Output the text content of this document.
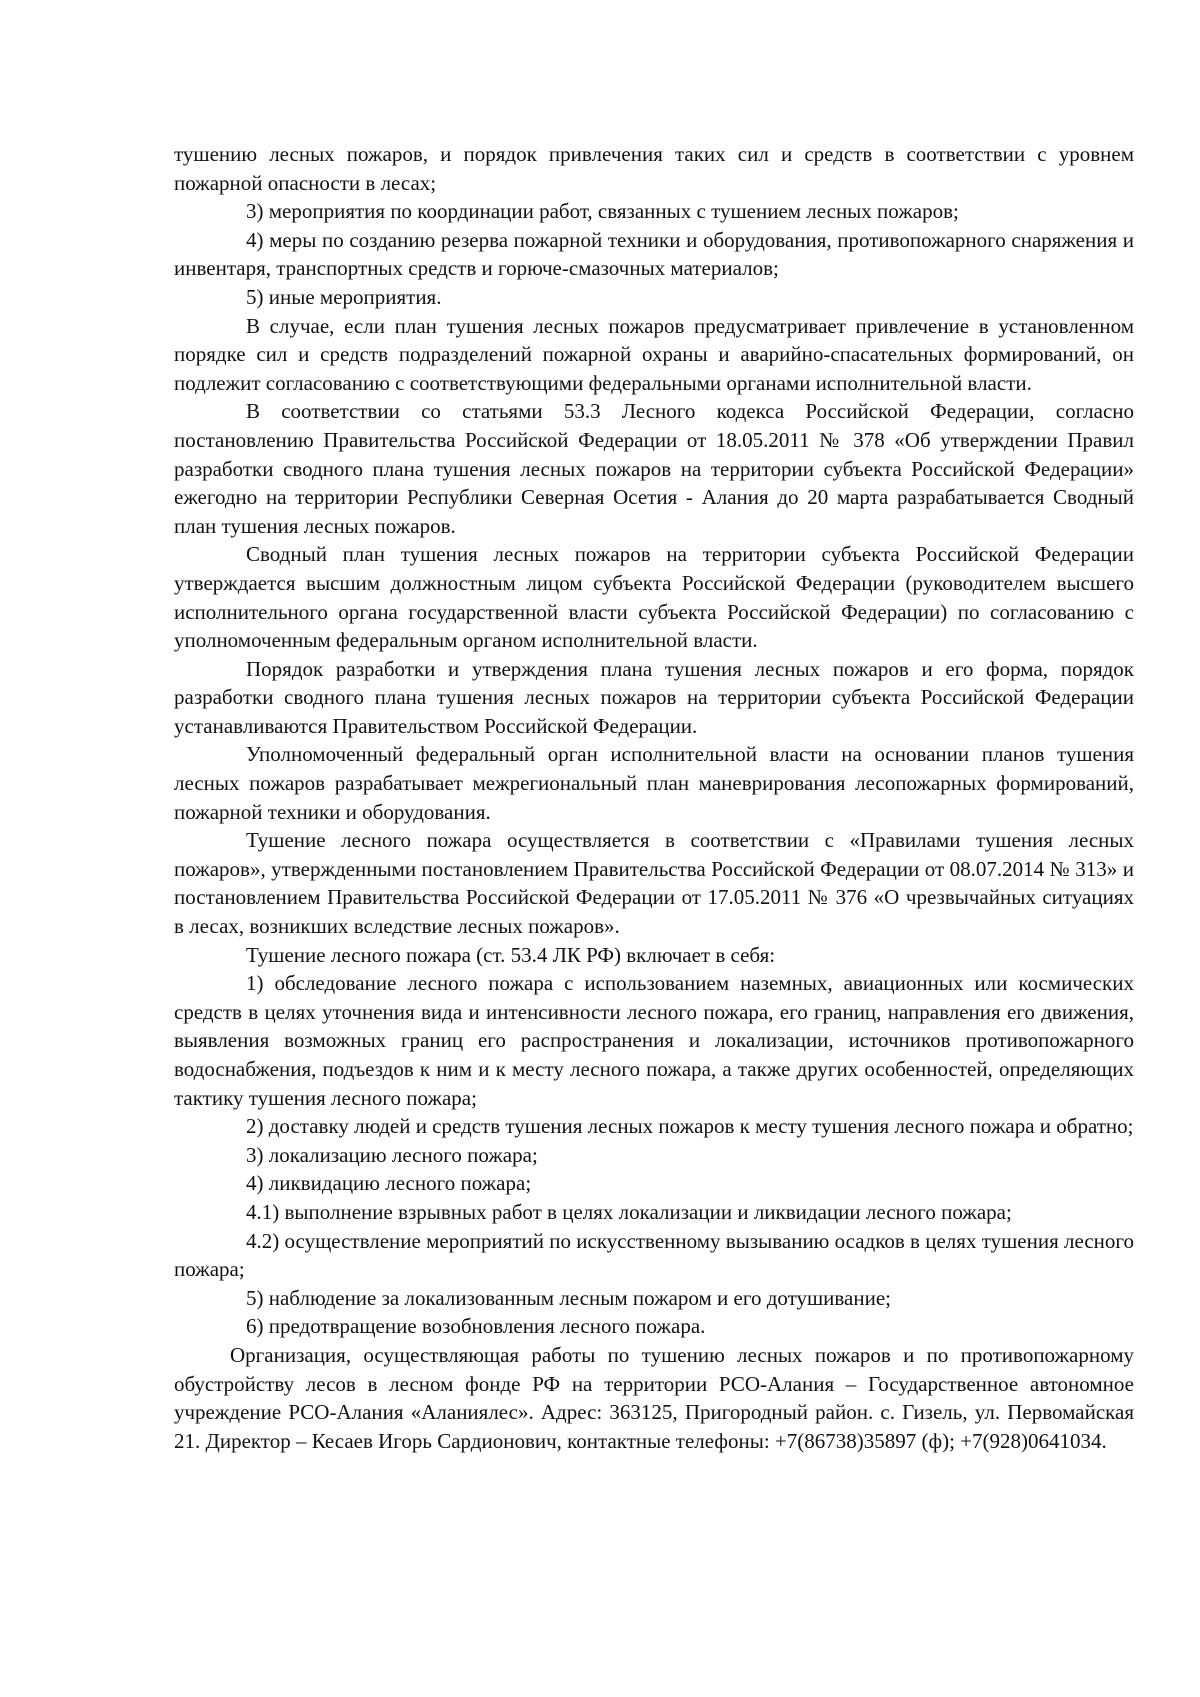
тушению лесных пожаров, и порядок привлечения таких сил и средств в соответствии с уровнем пожарной опасности в лесах;

3) мероприятия по координации работ, связанных с тушением лесных пожаров;

4) меры по созданию резерва пожарной техники и оборудования, противопожарного снаряжения и инвентаря, транспортных средств и горюче-смазочных материалов;

5) иные мероприятия.

В случае, если план тушения лесных пожаров предусматривает привлечение в установленном порядке сил и средств подразделений пожарной охраны и аварийно-спасательных формирований, он подлежит согласованию с соответствующими федеральными органами исполнительной власти.

В соответствии со статьями 53.3 Лесного кодекса Российской Федерации, согласно постановлению Правительства Российской Федерации от 18.05.2011 № 378 «Об утверждении Правил разработки сводного плана тушения лесных пожаров на территории субъекта Российской Федерации» ежегодно на территории Республики Северная Осетия - Алания до 20 марта разрабатывается Сводный план тушения лесных пожаров.

Сводный план тушения лесных пожаров на территории субъекта Российской Федерации утверждается высшим должностным лицом субъекта Российской Федерации (руководителем высшего исполнительного органа государственной власти субъекта Российской Федерации) по согласованию с уполномоченным федеральным органом исполнительной власти.

Порядок разработки и утверждения плана тушения лесных пожаров и его форма, порядок разработки сводного плана тушения лесных пожаров на территории субъекта Российской Федерации устанавливаются Правительством Российской Федерации.

Уполномоченный федеральный орган исполнительной власти на основании планов тушения лесных пожаров разрабатывает межрегиональный план маневрирования лесопожарных формирований, пожарной техники и оборудования.

Тушение лесного пожара осуществляется в соответствии с «Правилами тушения лесных пожаров», утвержденными постановлением Правительства Российской Федерации от 08.07.2014 № 313» и постановлением Правительства Российской Федерации от 17.05.2011 № 376 «О чрезвычайных ситуациях в лесах, возникших вследствие лесных пожаров».

Тушение лесного пожара (ст. 53.4 ЛК РФ) включает в себя:

1) обследование лесного пожара с использованием наземных, авиационных или космических средств в целях уточнения вида и интенсивности лесного пожара, его границ, направления его движения, выявления возможных границ его распространения и локализации, источников противопожарного водоснабжения, подъездов к ним и к месту лесного пожара, а также других особенностей, определяющих тактику тушения лесного пожара;

2) доставку людей и средств тушения лесных пожаров к месту тушения лесного пожара и обратно;

3) локализацию лесного пожара;

4) ликвидацию лесного пожара;

4.1) выполнение взрывных работ в целях локализации и ликвидации лесного пожара;

4.2) осуществление мероприятий по искусственному вызыванию осадков в целях тушения лесного пожара;

5) наблюдение за локализованным лесным пожаром и его дотушивание;

6) предотвращение возобновления лесного пожара.

Организация, осуществляющая работы по тушению лесных пожаров и по противопожарному обустройству лесов в лесном фонде РФ на территории РСО-Алания – Государственное автономное учреждение РСО-Алания «Аланиялес». Адрес: 363125, Пригородный район. с. Гизель, ул. Первомайская 21. Директор – Кесаев Игорь Сардионович, контактные телефоны: +7(86738)35897 (ф); +7(928)0641034.
